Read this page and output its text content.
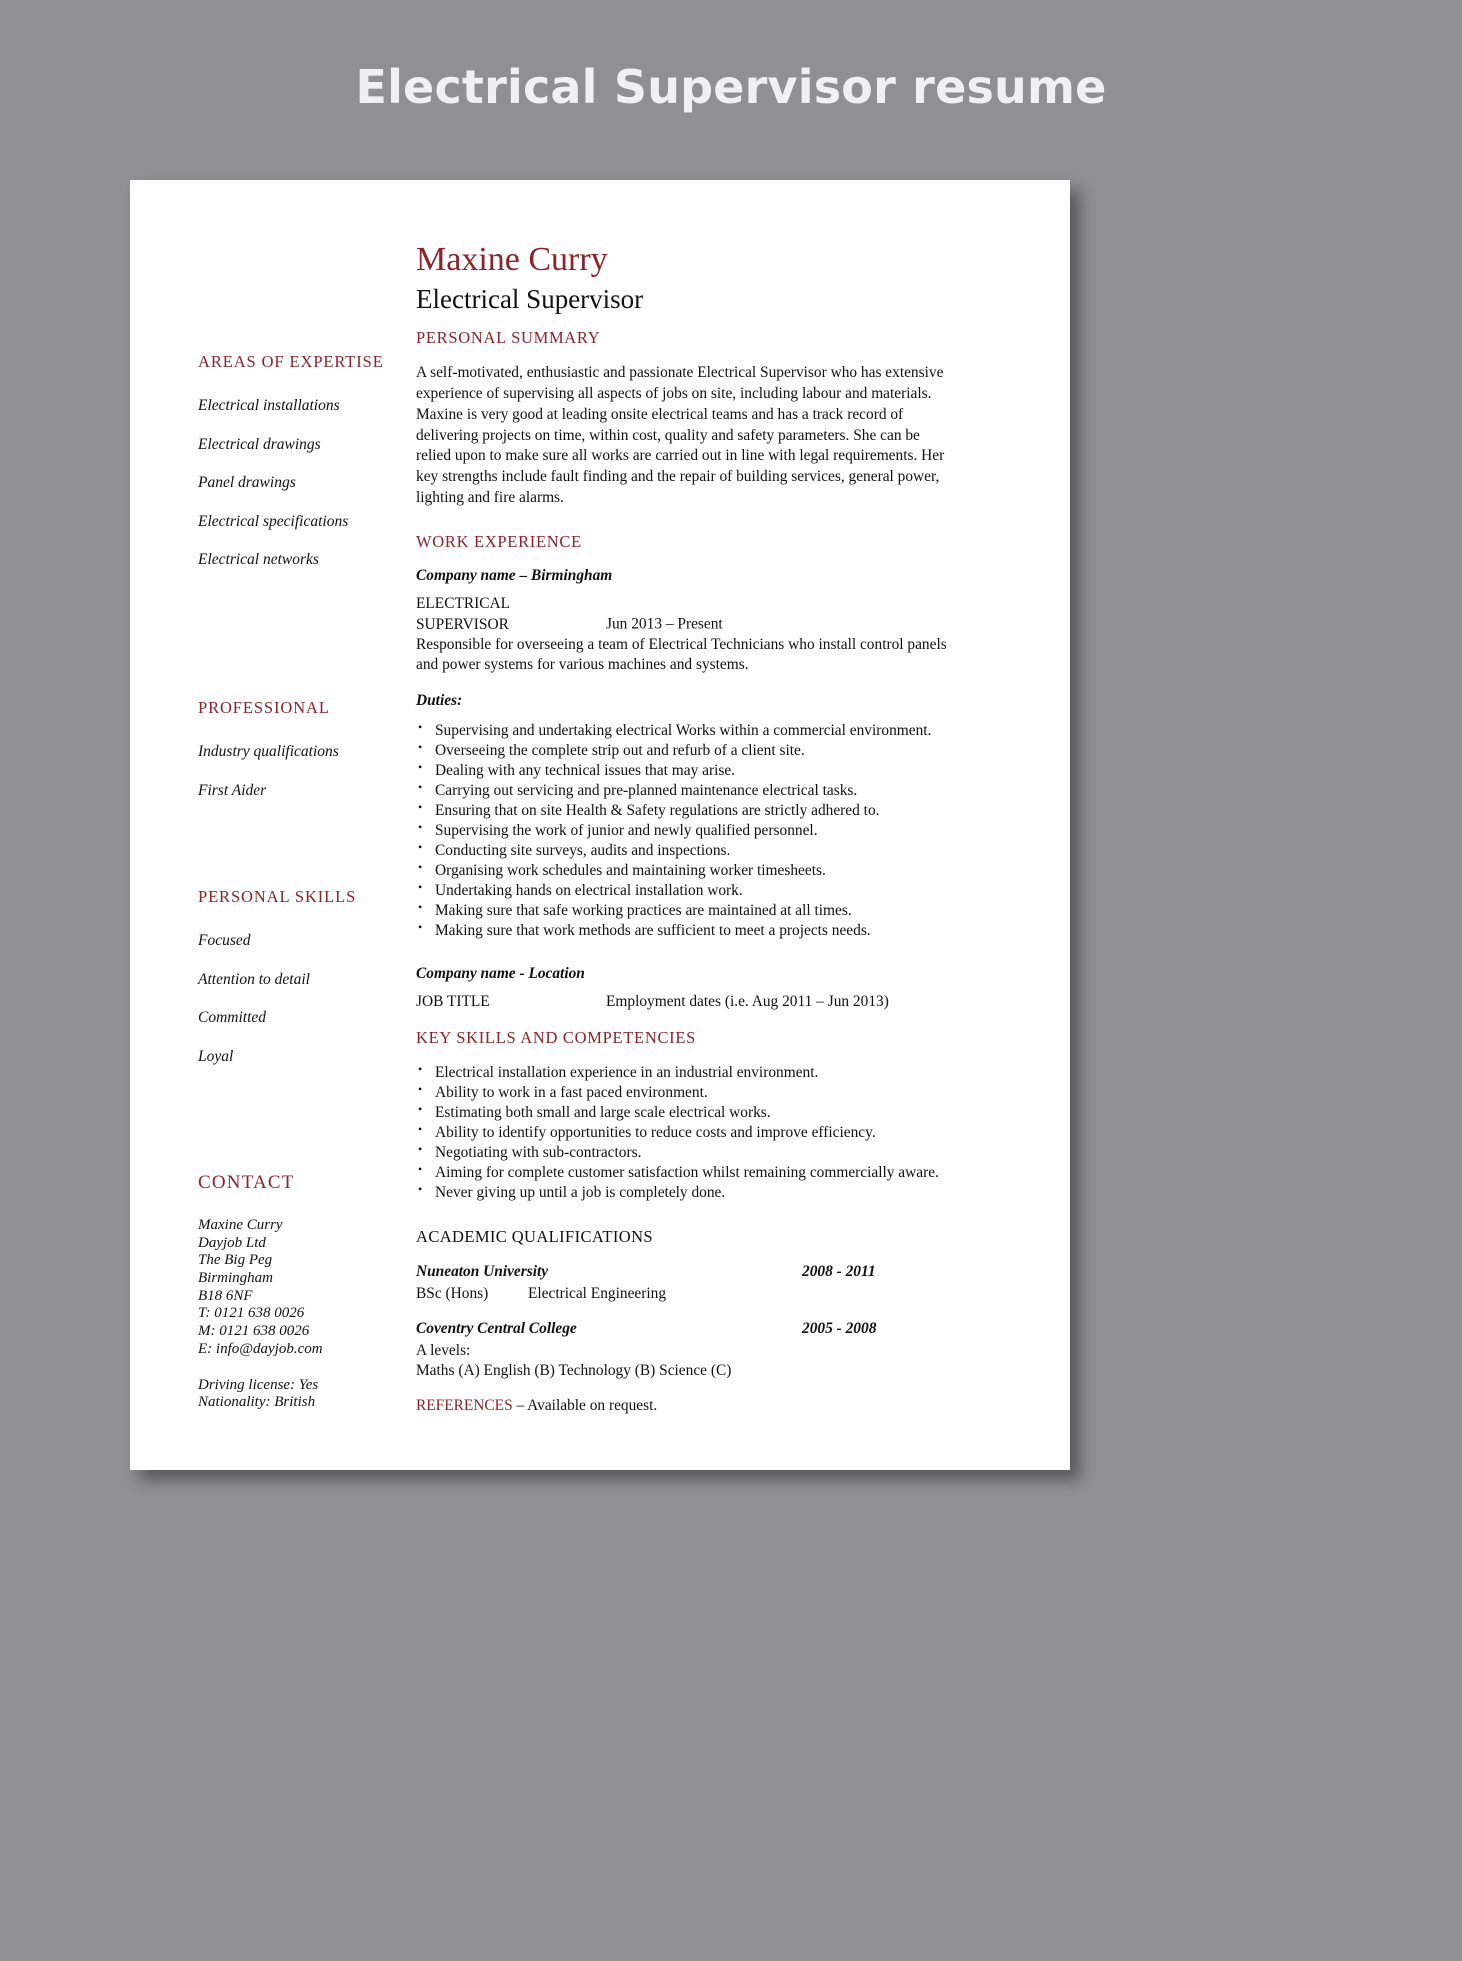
Electrical Supervisor resume
AREAS OF EXPERTISE
Electrical installations
Electrical drawings
Panel drawings
Electrical specifications
Electrical networks
PROFESSIONAL
Industry qualifications
First Aider
PERSONAL SKILLS
Focused
Attention to detail
Committed
Loyal
CONTACT
Maxine Curry
Dayjob Ltd
The Big Peg
Birmingham
B18 6NF
T: 0121 638 0026
M: 0121 638 0026
E: info@dayjob.com
Driving license: Yes
Nationality: British
Maxine Curry
Electrical Supervisor
PERSONAL SUMMARY
A self-motivated, enthusiastic and passionate Electrical Supervisor who has extensive experience of supervising all aspects of jobs on site, including labour and materials. Maxine is very good at leading onsite electrical teams and has a track record of delivering projects on time, within cost, quality and safety parameters. She can be relied upon to make sure all works are carried out in line with legal requirements. Her key strengths include fault finding and the repair of building services, general power, lighting and fire alarms.
WORK EXPERIENCE
Company name – Birmingham
ELECTRICAL SUPERVISOR	Jun 2013 – Present
Responsible for overseeing a team of Electrical Technicians who install control panels and power systems for various machines and systems.
Duties:
• Supervising and undertaking electrical Works within a commercial environment.
• Overseeing the complete strip out and refurb of a client site.
• Dealing with any technical issues that may arise.
• Carrying out servicing and pre-planned maintenance electrical tasks.
• Ensuring that on site Health & Safety regulations are strictly adhered to.
• Supervising the work of junior and newly qualified personnel.
• Conducting site surveys, audits and inspections.
• Organising work schedules and maintaining worker timesheets.
• Undertaking hands on electrical installation work.
• Making sure that safe working practices are maintained at all times.
• Making sure that work methods are sufficient to meet a projects needs.
Company name - Location
JOB TITLE	Employment dates (i.e. Aug 2011 – Jun 2013)
KEY SKILLS AND COMPETENCIES
• Electrical installation experience in an industrial environment.
• Ability to work in a fast paced environment.
• Estimating both small and large scale electrical works.
• Ability to identify opportunities to reduce costs and improve efficiency.
• Negotiating with sub-contractors.
• Aiming for complete customer satisfaction whilst remaining commercially aware.
• Never giving up until a job is completely done.
ACADEMIC QUALIFICATIONS
Nuneaton University	2008 - 2011
BSc (Hons)	Electrical Engineering
Coventry Central College	2005 - 2008
A levels:
Maths (A) English (B) Technology (B) Science (C)
REFERENCES – Available on request.
